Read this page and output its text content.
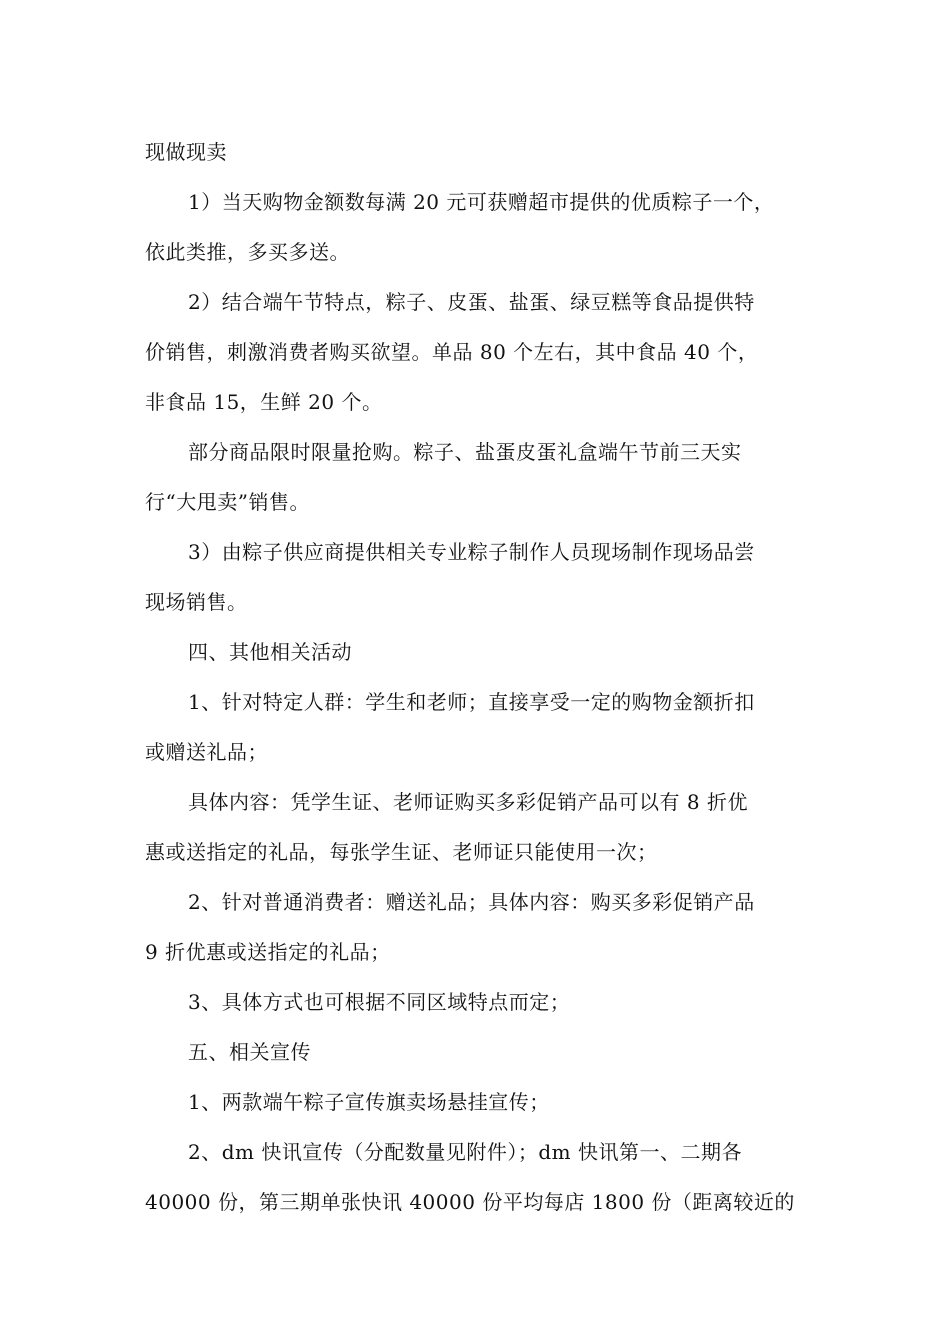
现做现卖
1）当天购物金额数每满 20 元可获赠超市提供的优质粽子一个，
依此类推，多买多送。
2）结合端午节特点，粽子、皮蛋、盐蛋、绿豆糕等食品提供特
价销售，刺激消费者购买欲望。单品 80 个左右，其中食品 40 个，
非食品 15，生鲜 20 个。
部分商品限时限量抢购。粽子、盐蛋皮蛋礼盒端午节前三天实
行“大甩卖”销售。
3）由粽子供应商提供相关专业粽子制作人员现场制作现场品尝
现场销售。
四、其他相关活动
1、针对特定人群：学生和老师；直接享受一定的购物金额折扣
或赠送礼品；
具体内容：凭学生证、老师证购买多彩促销产品可以有 8 折优
惠或送指定的礼品，每张学生证、老师证只能使用一次；
2、针对普通消费者：赠送礼品；具体内容：购买多彩促销产品
9 折优惠或送指定的礼品；
3、具体方式也可根据不同区域特点而定；
五、相关宣传
1、两款端午粽子宣传旗卖场悬挂宣传；
2、dm 快讯宣传（分配数量见附件）；dm 快讯第一、二期各
40000 份，第三期单张快讯 40000 份平均每店 1800 份（距离较近的
